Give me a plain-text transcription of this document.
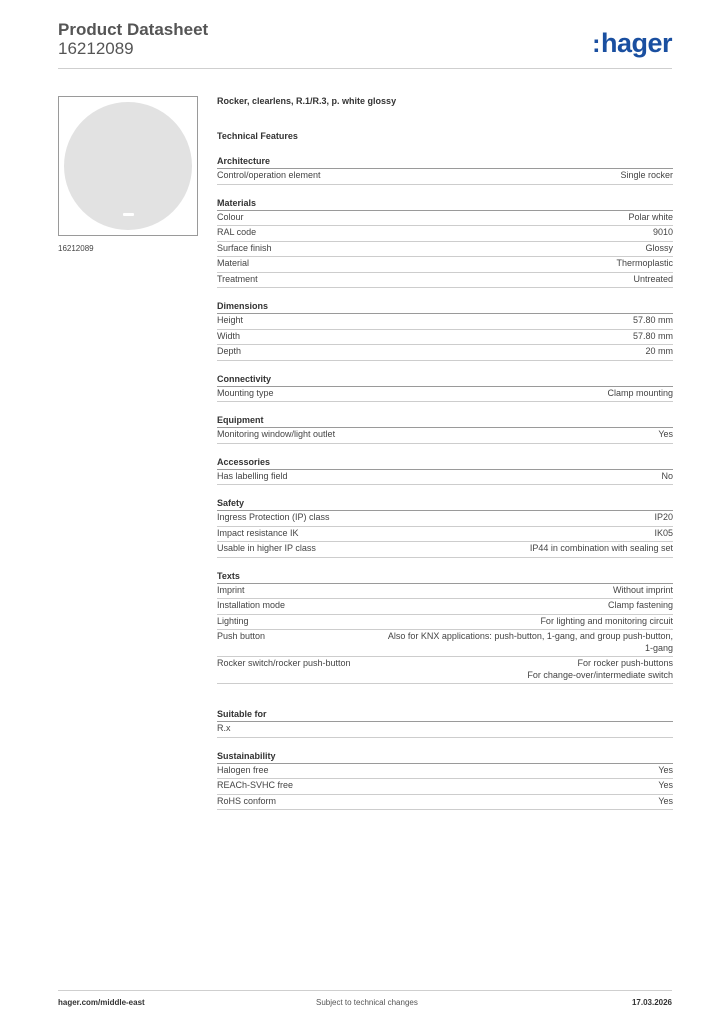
Product Datasheet
16212089	:hager
16212089
Rocker, clearlens, R.1/R.3, p. white glossy
Technical Features
Architecture
Control/operation element	Single rocker
Materials
Colour	Polar white
RAL code	9010
Surface finish	Glossy
Material	Thermoplastic
Treatment	Untreated
Dimensions
Height	57.80 mm
Width	57.80 mm
Depth	20 mm
Connectivity
Mounting type	Clamp mounting
Equipment
Monitoring window/light outlet	Yes
Accessories
Has labelling field	No
Safety
Ingress Protection (IP) class	IP20
Impact resistance IK	IK05
Usable in higher IP class	IP44 in combination with sealing set
Texts
Imprint	Without imprint
Installation mode	Clamp fastening
Lighting	For lighting and monitoring circuit
Push button	Also for KNX applications: push-button, 1-gang, and group push-button,
1-gang
Rocker switch/rocker push-button	For rocker push-buttons
For change-over/intermediate switch
Suitable for
R.x

Sustainability
Halogen free	Yes
REACh-SVHC free	Yes
RoHS conform	Yes
hager.com/middle-east	Subject to technical changes	17.03.2026
